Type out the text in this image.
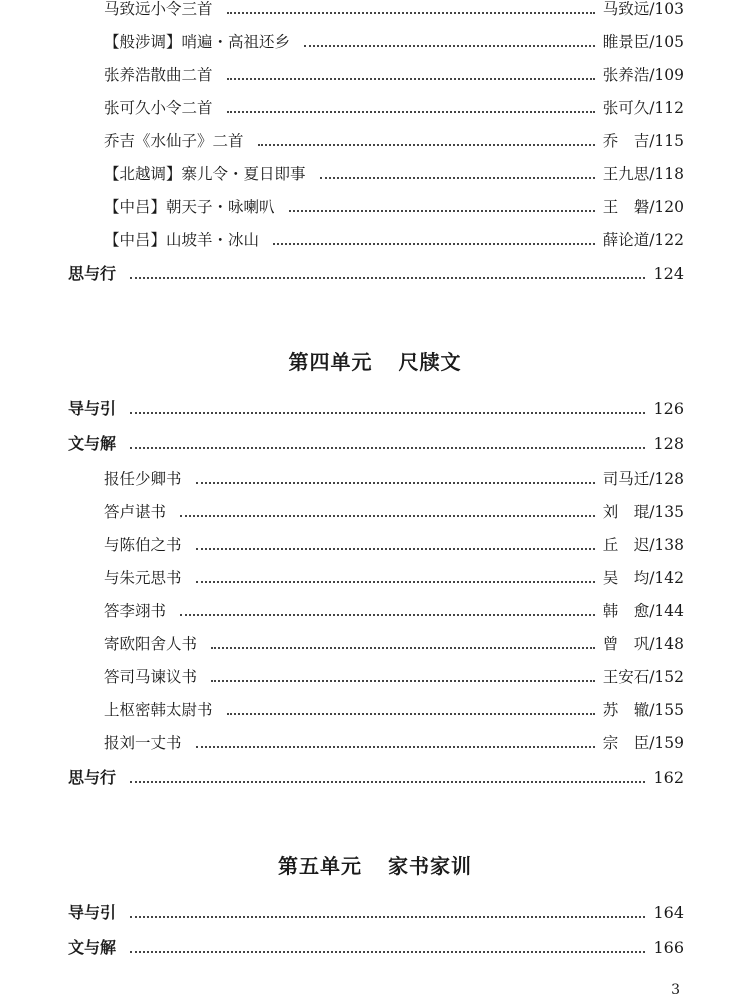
马致远小令三首	马致远/103
【般涉调】哨遍・高祖还乡	睢景臣/105
张养浩散曲二首	张养浩/109
张可久小令二首	张可久/112
乔吉《水仙子》二首	乔　吉/115
【北越调】寨儿令・夏日即事	王九思/118
【中吕】朝天子・咏喇叭	王　磐/120
【中吕】山坡羊・冰山	薛论道/122
思与行	124
第四单元 尺牍文
导与引	126
文与解	128
报任少卿书	司马迁/128
答卢谌书	刘　琨/135
与陈伯之书	丘　迟/138
与朱元思书	吴　均/142
答李翊书	韩　愈/144
寄欧阳舍人书	曾　巩/148
答司马谏议书	王安石/152
上枢密韩太尉书	苏　辙/155
报刘一丈书	宗　臣/159
思与行	162
第五单元 家书家训
导与引	164
文与解	166
3
